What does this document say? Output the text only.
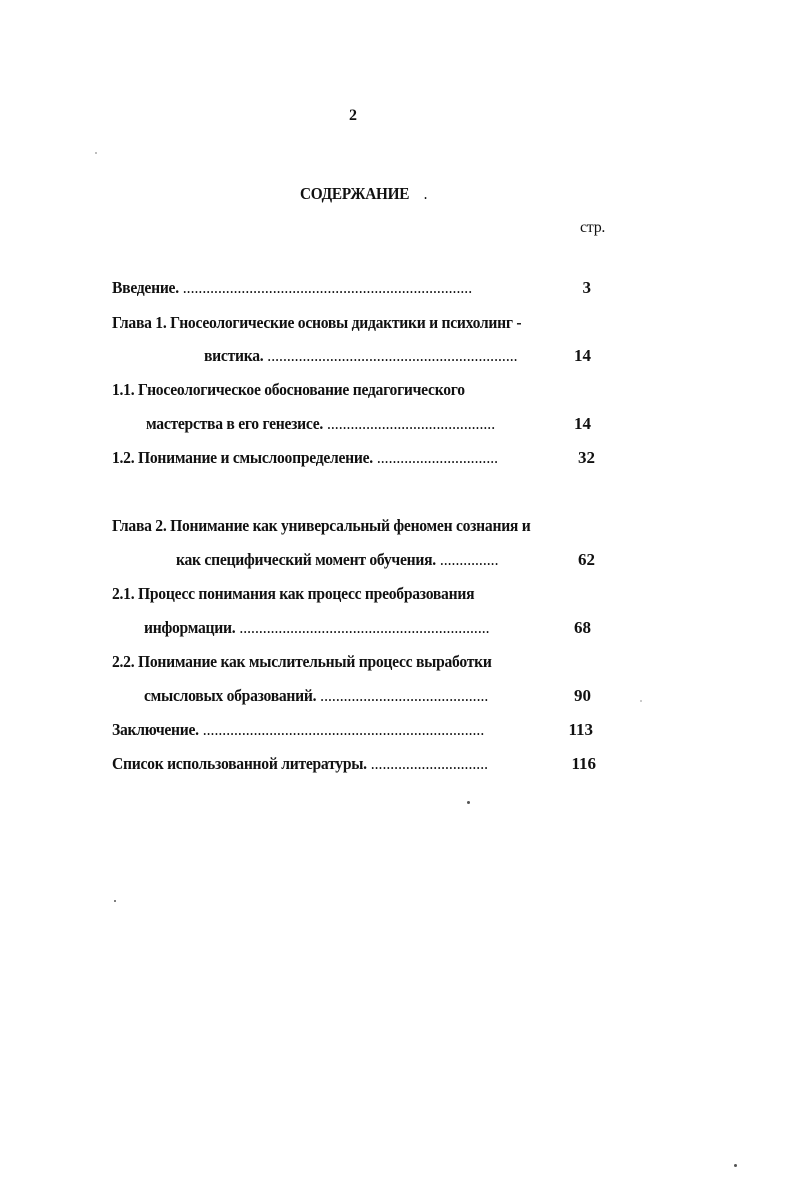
2
СОДЕРЖАНИЕ .
стр.
Введение. ..........................................................................	3
Глава 1. Гносеологические основы дидактики и психолинг -
вистика. ................................................................	14
1.1. Гносеологическое обоснование педагогического
мастерства в его генезисе. ...........................................	14
1.2. Понимание и смыслоопределение. ...............................	32
Глава 2. Понимание как универсальный феномен сознания и
как специфический момент обучения. ...............	62
2.1. Процесс понимания как процесс преобразования
информации. ................................................................	68
2.2. Понимание как мыслительный процесс выработки
смысловых образований. ...........................................	90
Заключение. ........................................................................	113
Список использованной литературы. ..............................	116
